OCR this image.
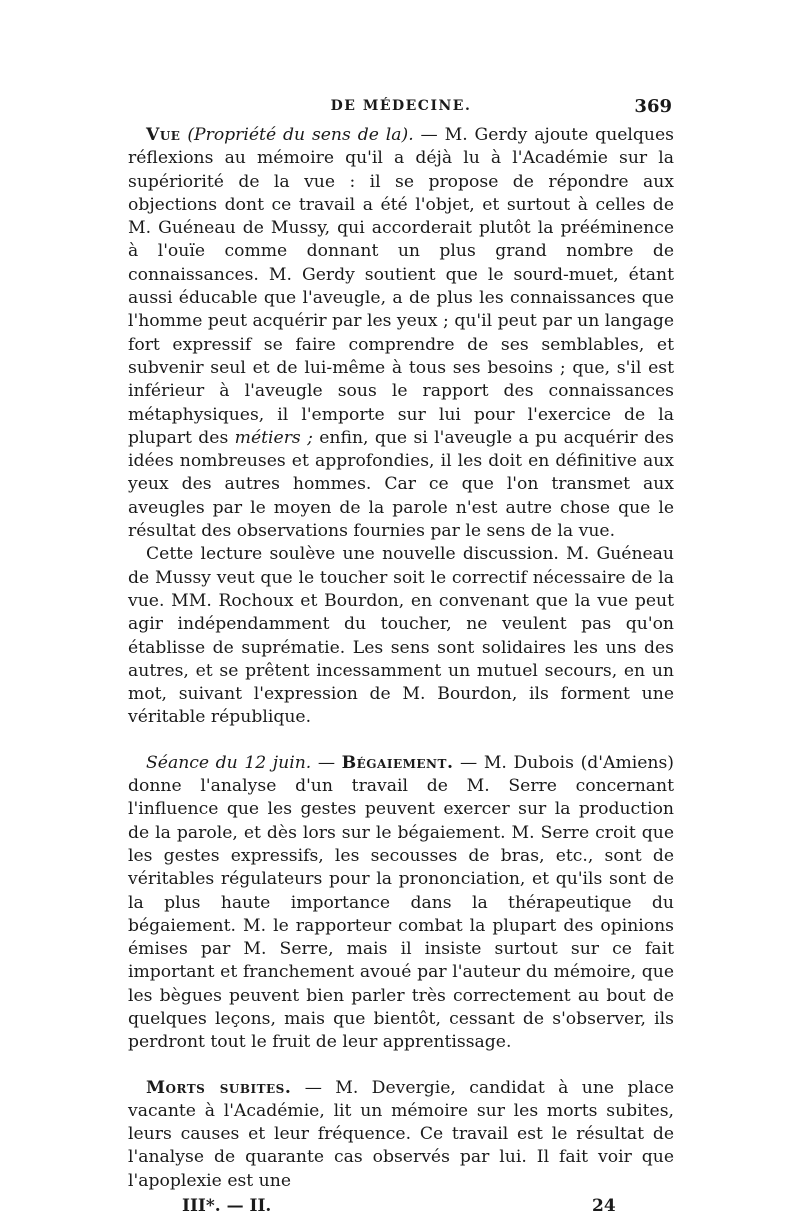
DE MÉDECINE.	369

Vue (Propriété du sens de la). — M. Gerdy ajoute quelques réflexions au mémoire qu'il a déjà lu à l'Académie sur la supériorité de la vue : il se propose de répondre aux objections dont ce travail a été l'objet, et surtout à celles de M. Guéneau de Mussy, qui accorderait plutôt la prééminence à l'ouïe comme donnant un plus grand nombre de connaissances. M. Gerdy soutient que le sourd-muet, étant aussi éducable que l'aveugle, a de plus les connaissances que l'homme peut acquérir par les yeux ; qu'il peut par un langage fort expressif se faire comprendre de ses semblables, et subvenir seul et de lui-même à tous ses besoins ; que, s'il est inférieur à l'aveugle sous le rapport des connaissances métaphysiques, il l'emporte sur lui pour l'exercice de la plupart des métiers ; enfin, que si l'aveugle a pu acquérir des idées nombreuses et approfondies, il les doit en définitive aux yeux des autres hommes. Car ce que l'on transmet aux aveugles par le moyen de la parole n'est autre chose que le résultat des observations fournies par le sens de la vue.

Cette lecture soulève une nouvelle discussion. M. Guéneau de Mussy veut que le toucher soit le correctif nécessaire de la vue. MM. Rochoux et Bourdon, en convenant que la vue peut agir indépendamment du toucher, ne veulent pas qu'on établisse de suprématie. Les sens sont solidaires les uns des autres, et se prêtent incessamment un mutuel secours, en un mot, suivant l'expression de M. Bourdon, ils forment une véritable république.

Séance du 12 juin. — Bégaiement. — M. Dubois (d'Amiens) donne l'analyse d'un travail de M. Serre concernant l'influence que les gestes peuvent exercer sur la production de la parole, et dès lors sur le bégaiement. M. Serre croit que les gestes expressifs, les secousses de bras, etc., sont de véritables régulateurs pour la prononciation, et qu'ils sont de la plus haute importance dans la thérapeutique du bégaiement. M. le rapporteur combat la plupart des opinions émises par M. Serre, mais il insiste surtout sur ce fait important et franchement avoué par l'auteur du mémoire, que les bègues peuvent bien parler très correctement au bout de quelques leçons, mais que bientôt, cessant de s'observer, ils perdront tout le fruit de leur apprentissage.

Morts subites. — M. Devergie, candidat à une place vacante à l'Académie, lit un mémoire sur les morts subites, leurs causes et leur fréquence. Ce travail est le résultat de l'analyse de quarante cas observés par lui. Il fait voir que l'apoplexie est une

III*. — II.	24
